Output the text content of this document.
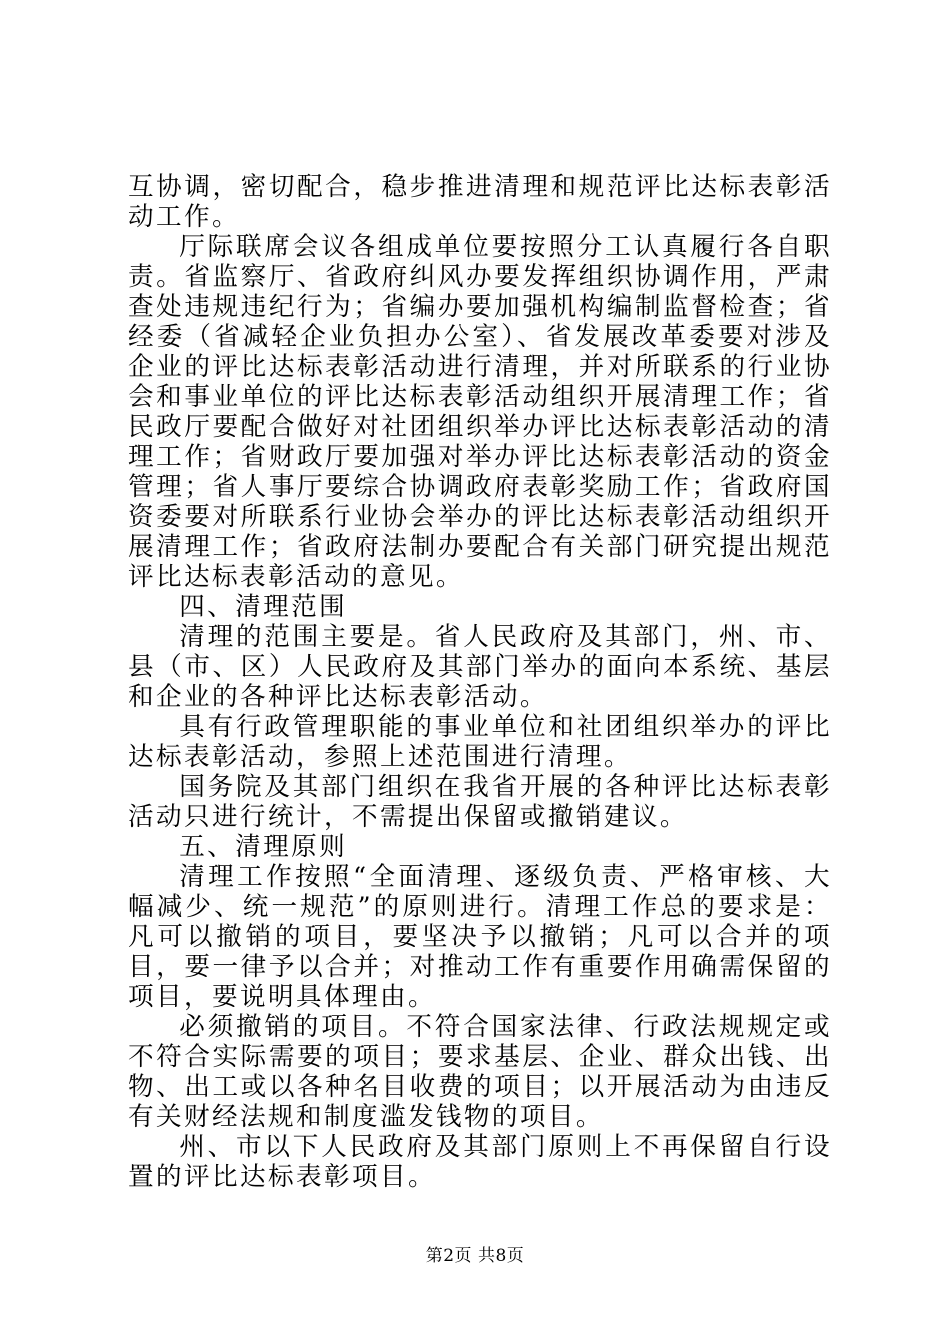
互协调，密切配合，稳步推进清理和规范评比达标表彰活动工作。

厅际联席会议各组成单位要按照分工认真履行各自职责。省监察厅、省政府纠风办要发挥组织协调作用，严肃查处违规违纪行为；省编办要加强机构编制监督检查；省经委（省减轻企业负担办公室）、省发展改革委要对涉及企业的评比达标表彰活动进行清理，并对所联系的行业协会和事业单位的评比达标表彰活动组织开展清理工作；省民政厅要配合做好对社团组织举办评比达标表彰活动的清理工作；省财政厅要加强对举办评比达标表彰活动的资金管理；省人事厅要综合协调政府表彰奖励工作；省政府国资委要对所联系行业协会举办的评比达标表彰活动组织开展清理工作；省政府法制办要配合有关部门研究提出规范评比达标表彰活动的意见。

四、清理范围

清理的范围主要是。省人民政府及其部门，州、市、县（市、区）人民政府及其部门举办的面向本系统、基层和企业的各种评比达标表彰活动。

具有行政管理职能的事业单位和社团组织举办的评比达标表彰活动，参照上述范围进行清理。

国务院及其部门组织在我省开展的各种评比达标表彰活动只进行统计，不需提出保留或撤销建议。

五、清理原则

清理工作按照“全面清理、逐级负责、严格审核、大幅减少、统一规范”的原则进行。清理工作总的要求是：凡可以撤销的项目，要坚决予以撤销；凡可以合并的项目，要一律予以合并；对推动工作有重要作用确需保留的项目，要说明具体理由。

必须撤销的项目。不符合国家法律、行政法规规定或不符合实际需要的项目；要求基层、企业、群众出钱、出物、出工或以各种名目收费的项目；以开展活动为由违反有关财经法规和制度滥发钱物的项目。

州、市以下人民政府及其部门原则上不再保留自行设置的评比达标表彰项目。

第2页 共8页
